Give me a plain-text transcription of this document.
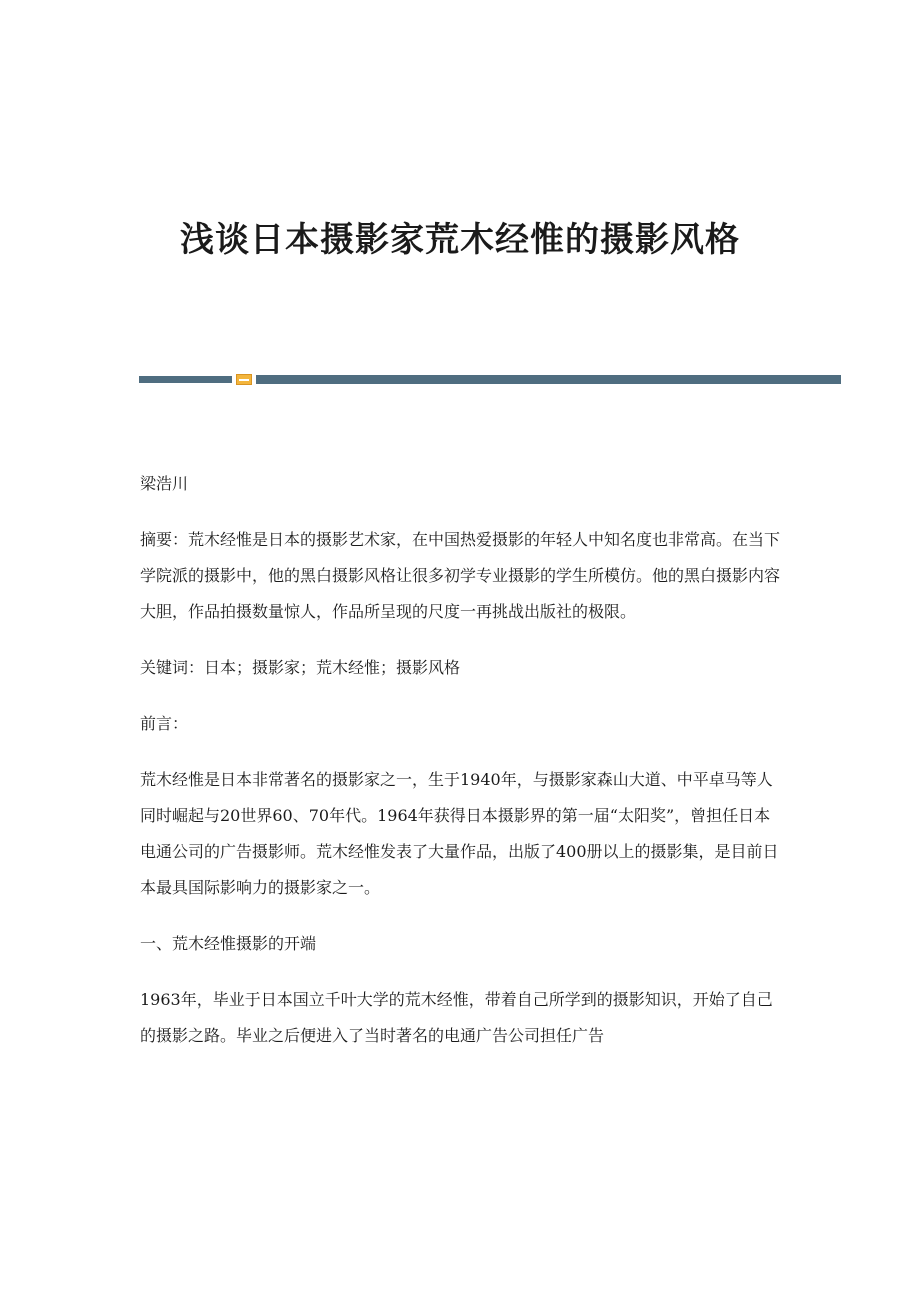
浅谈日本摄影家荒木经惟的摄影风格

梁浩川

摘要：荒木经惟是日本的摄影艺术家，在中国热爱摄影的年轻人中知名度也非常高。在当下学院派的摄影中，他的黑白摄影风格让很多初学专业摄影的学生所模仿。他的黑白摄影内容大胆，作品拍摄数量惊人，作品所呈现的尺度一再挑战出版社的极限。

关键词：日本；摄影家；荒木经惟；摄影风格

前言：

荒木经惟是日本非常著名的摄影家之一，生于1940年，与摄影家森山大道、中平卓马等人同时崛起与20世界60、70年代。1964年获得日本摄影界的第一届“太阳奖”，曾担任日本电通公司的广告摄影师。荒木经惟发表了大量作品，出版了400册以上的摄影集，是目前日本最具国际影响力的摄影家之一。

一、荒木经惟摄影的开端

1963年，毕业于日本国立千叶大学的荒木经惟，带着自己所学到的摄影知识，开始了自己的摄影之路。毕业之后便进入了当时著名的电通广告公司担任广告
